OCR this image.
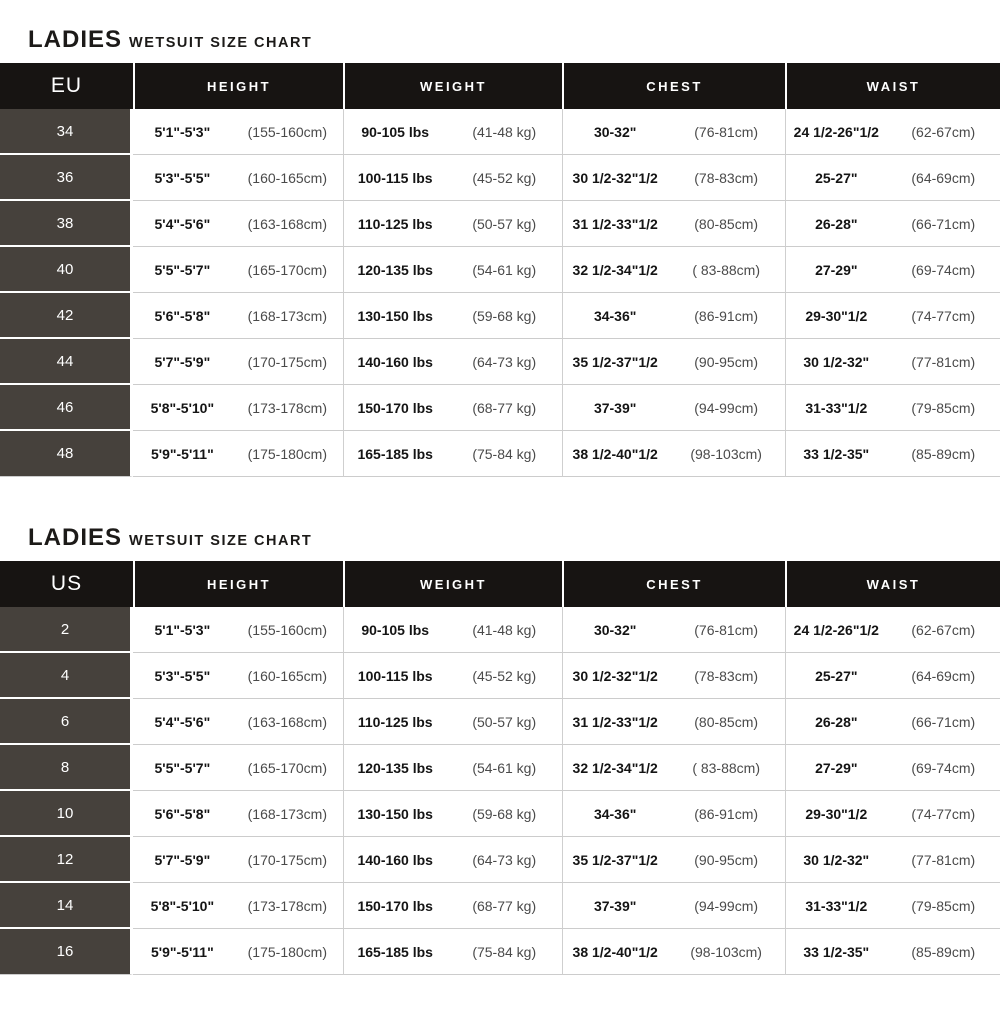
LADIES WETSUIT SIZE CHART
EU	HEIGHT	WEIGHT	CHEST	WAIST
34	5'1"-5'3"	(155-160cm)	90-105 lbs	(41-48 kg)	30-32"	(76-81cm)	24 1/2-26"1/2	(62-67cm)
36	5'3"-5'5"	(160-165cm)	100-115 lbs	(45-52 kg)	30 1/2-32"1/2	(78-83cm)	25-27"	(64-69cm)
38	5'4"-5'6"	(163-168cm)	110-125 lbs	(50-57 kg)	31 1/2-33"1/2	(80-85cm)	26-28"	(66-71cm)
40	5'5"-5'7"	(165-170cm)	120-135 lbs	(54-61 kg)	32 1/2-34"1/2	( 83-88cm)	27-29"	(69-74cm)
42	5'6"-5'8"	(168-173cm)	130-150 lbs	(59-68 kg)	34-36"	(86-91cm)	29-30"1/2	(74-77cm)
44	5'7"-5'9"	(170-175cm)	140-160 lbs	(64-73 kg)	35 1/2-37"1/2	(90-95cm)	30 1/2-32"	(77-81cm)
46	5'8"-5'10"	(173-178cm)	150-170 lbs	(68-77 kg)	37-39"	(94-99cm)	31-33"1/2	(79-85cm)
48	5'9"-5'11"	(175-180cm)	165-185 lbs	(75-84 kg)	38 1/2-40"1/2	(98-103cm)	33 1/2-35"	(85-89cm)
LADIES WETSUIT SIZE CHART
US	HEIGHT	WEIGHT	CHEST	WAIST
2	5'1"-5'3"	(155-160cm)	90-105 lbs	(41-48 kg)	30-32"	(76-81cm)	24 1/2-26"1/2	(62-67cm)
4	5'3"-5'5"	(160-165cm)	100-115 lbs	(45-52 kg)	30 1/2-32"1/2	(78-83cm)	25-27"	(64-69cm)
6	5'4"-5'6"	(163-168cm)	110-125 lbs	(50-57 kg)	31 1/2-33"1/2	(80-85cm)	26-28"	(66-71cm)
8	5'5"-5'7"	(165-170cm)	120-135 lbs	(54-61 kg)	32 1/2-34"1/2	( 83-88cm)	27-29"	(69-74cm)
10	5'6"-5'8"	(168-173cm)	130-150 lbs	(59-68 kg)	34-36"	(86-91cm)	29-30"1/2	(74-77cm)
12	5'7"-5'9"	(170-175cm)	140-160 lbs	(64-73 kg)	35 1/2-37"1/2	(90-95cm)	30 1/2-32"	(77-81cm)
14	5'8"-5'10"	(173-178cm)	150-170 lbs	(68-77 kg)	37-39"	(94-99cm)	31-33"1/2	(79-85cm)
16	5'9"-5'11"	(175-180cm)	165-185 lbs	(75-84 kg)	38 1/2-40"1/2	(98-103cm)	33 1/2-35"	(85-89cm)
